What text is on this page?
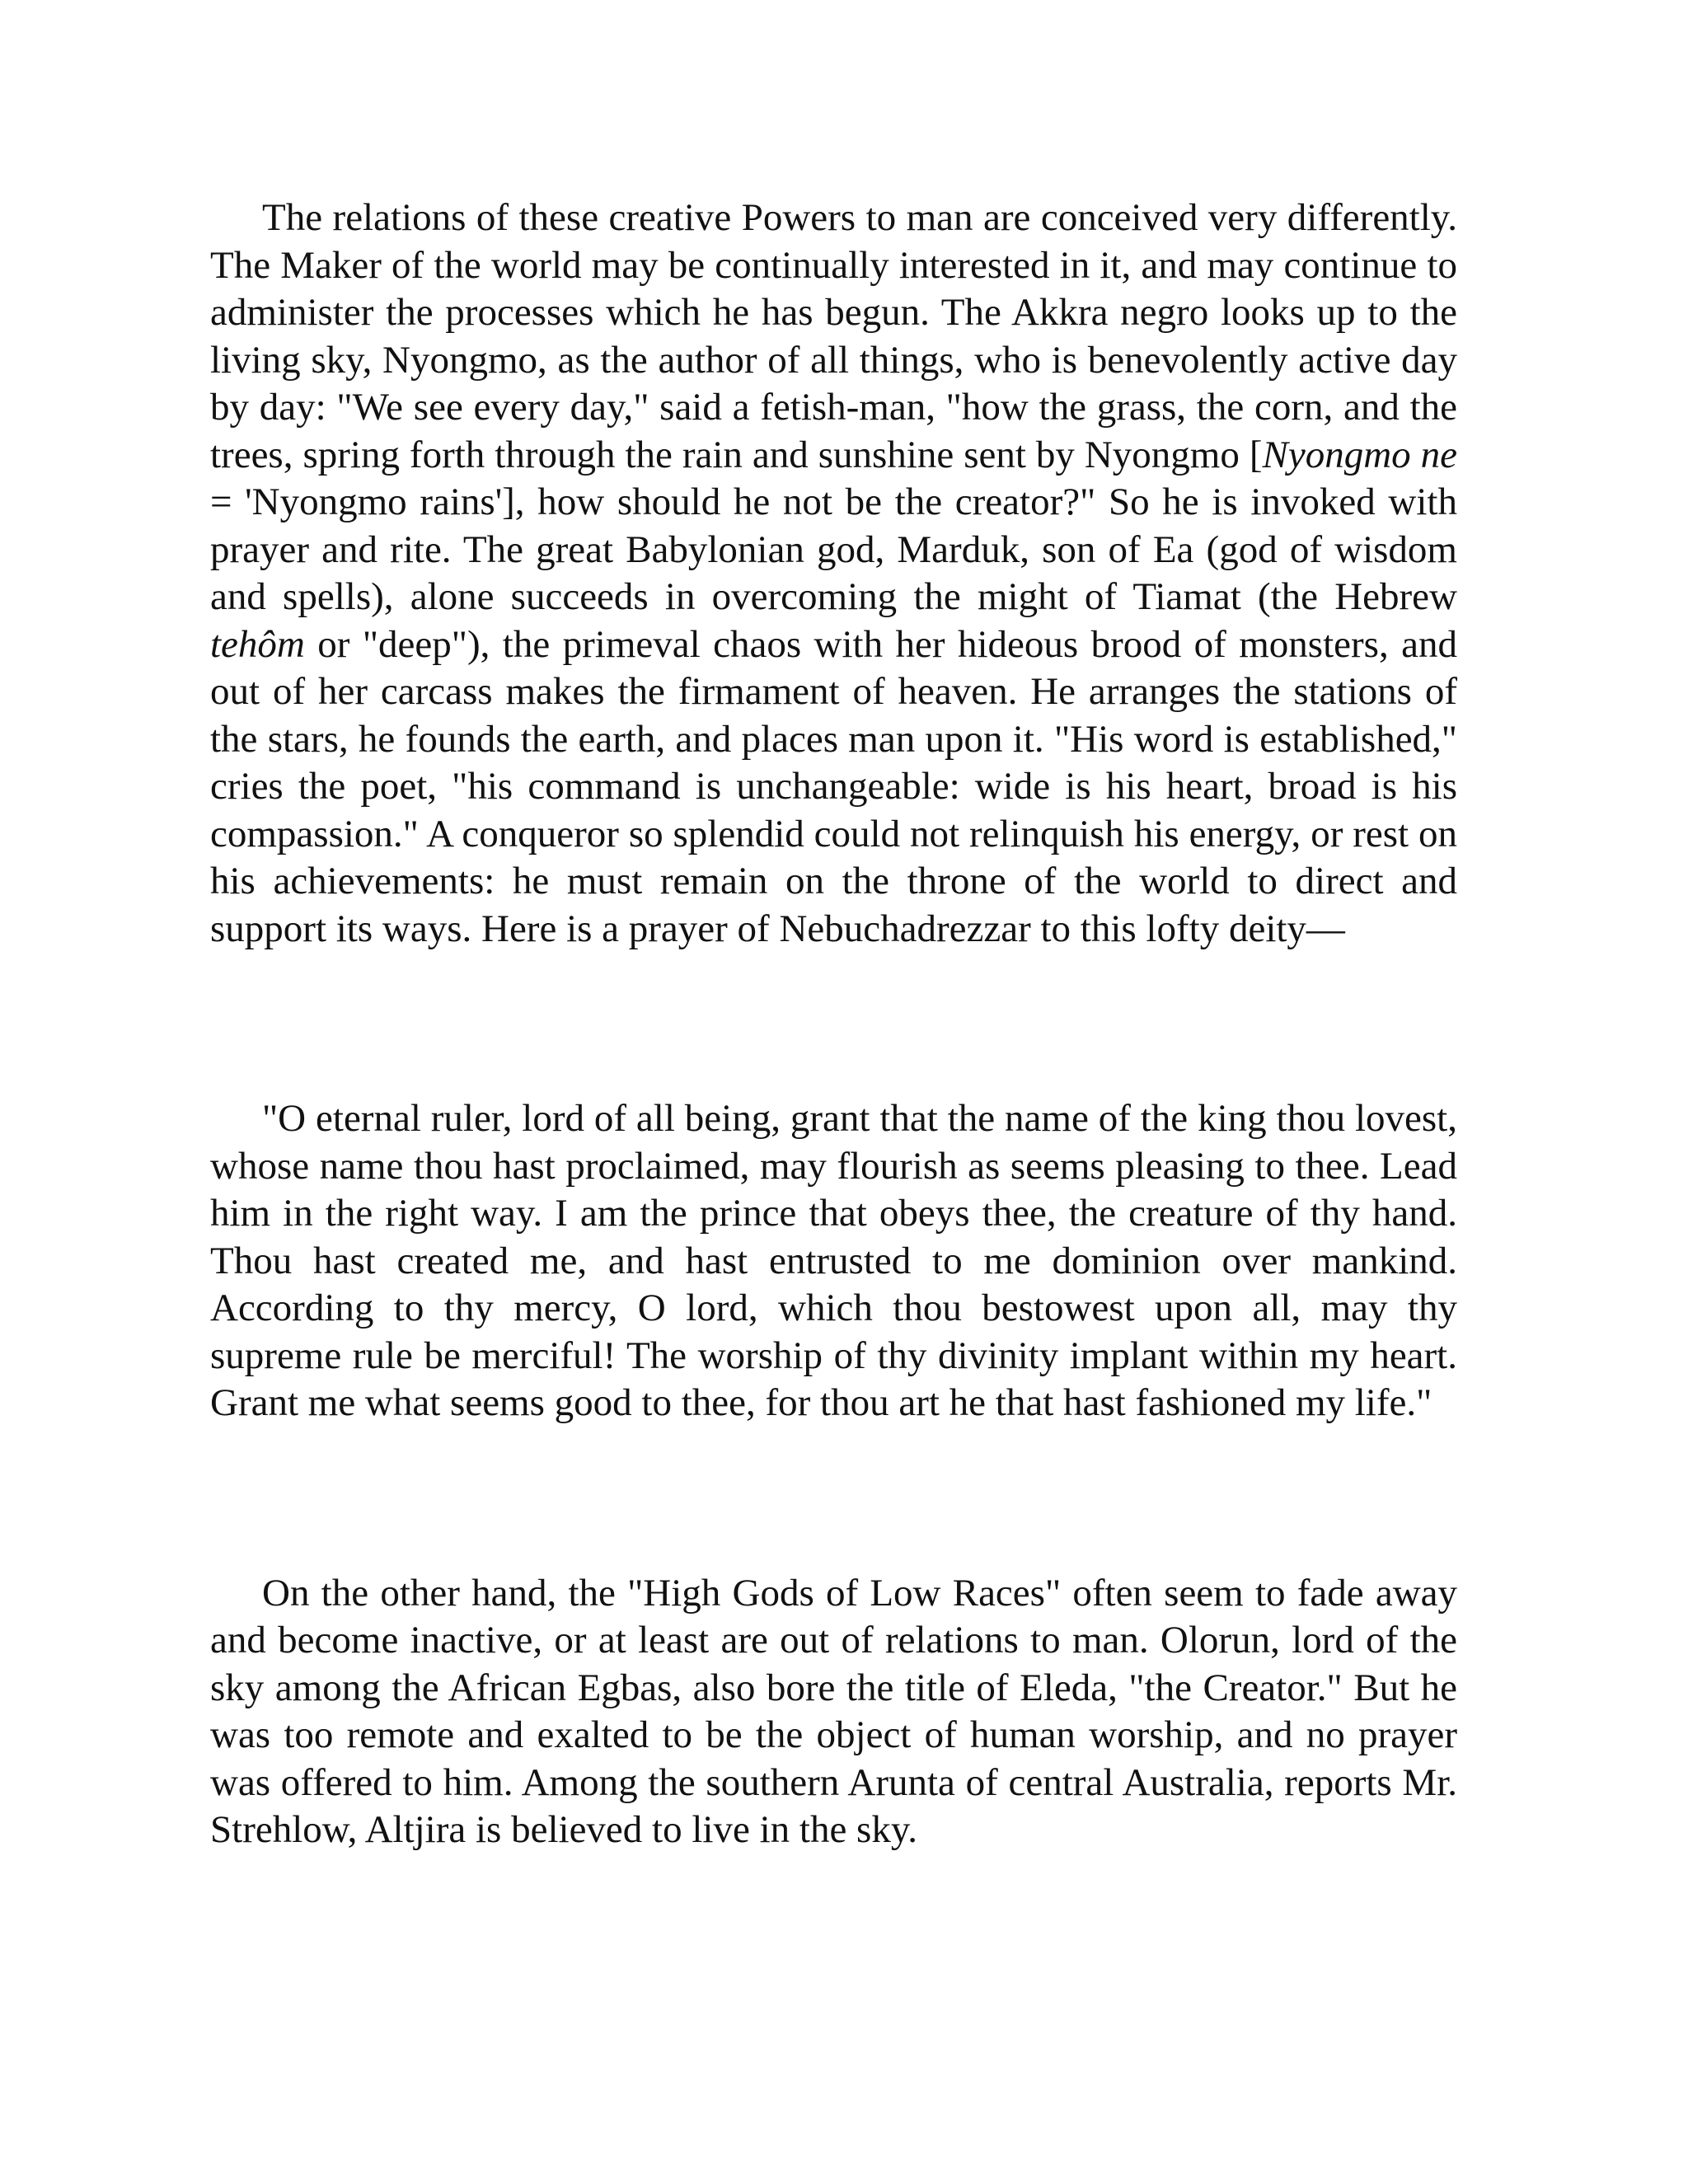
The relations of these creative Powers to man are conceived very differently. The Maker of the world may be continually interested in it, and may continue to administer the processes which he has begun. The Akkra negro looks up to the living sky, Nyongmo, as the author of all things, who is benevolently active day by day: "We see every day," said a fetish-man, "how the grass, the corn, and the trees, spring forth through the rain and sunshine sent by Nyongmo [Nyongmo ne = 'Nyongmo rains'], how should he not be the creator?" So he is invoked with prayer and rite. The great Babylonian god, Marduk, son of Ea (god of wisdom and spells), alone succeeds in overcoming the might of Tiamat (the Hebrew tehôm or "deep"), the primeval chaos with her hideous brood of monsters, and out of her carcass makes the firmament of heaven. He arranges the stations of the stars, he founds the earth, and places man upon it. "His word is established," cries the poet, "his command is unchangeable: wide is his heart, broad is his compassion." A conqueror so splendid could not relinquish his energy, or rest on his achievements: he must remain on the throne of the world to direct and support its ways. Here is a prayer of Nebuchadrezzar to this lofty deity—

"O eternal ruler, lord of all being, grant that the name of the king thou lovest, whose name thou hast proclaimed, may flourish as seems pleasing to thee. Lead him in the right way. I am the prince that obeys thee, the creature of thy hand. Thou hast created me, and hast entrusted to me dominion over mankind. According to thy mercy, O lord, which thou bestowest upon all, may thy supreme rule be merciful! The worship of thy divinity implant within my heart. Grant me what seems good to thee, for thou art he that hast fashioned my life."

On the other hand, the "High Gods of Low Races" often seem to fade away and become inactive, or at least are out of relations to man. Olorun, lord of the sky among the African Egbas, also bore the title of Eleda, "the Creator." But he was too remote and exalted to be the object of human worship, and no prayer was offered to him. Among the southern Arunta of central Australia, reports Mr. Strehlow, Altjira is believed to live in the sky.
